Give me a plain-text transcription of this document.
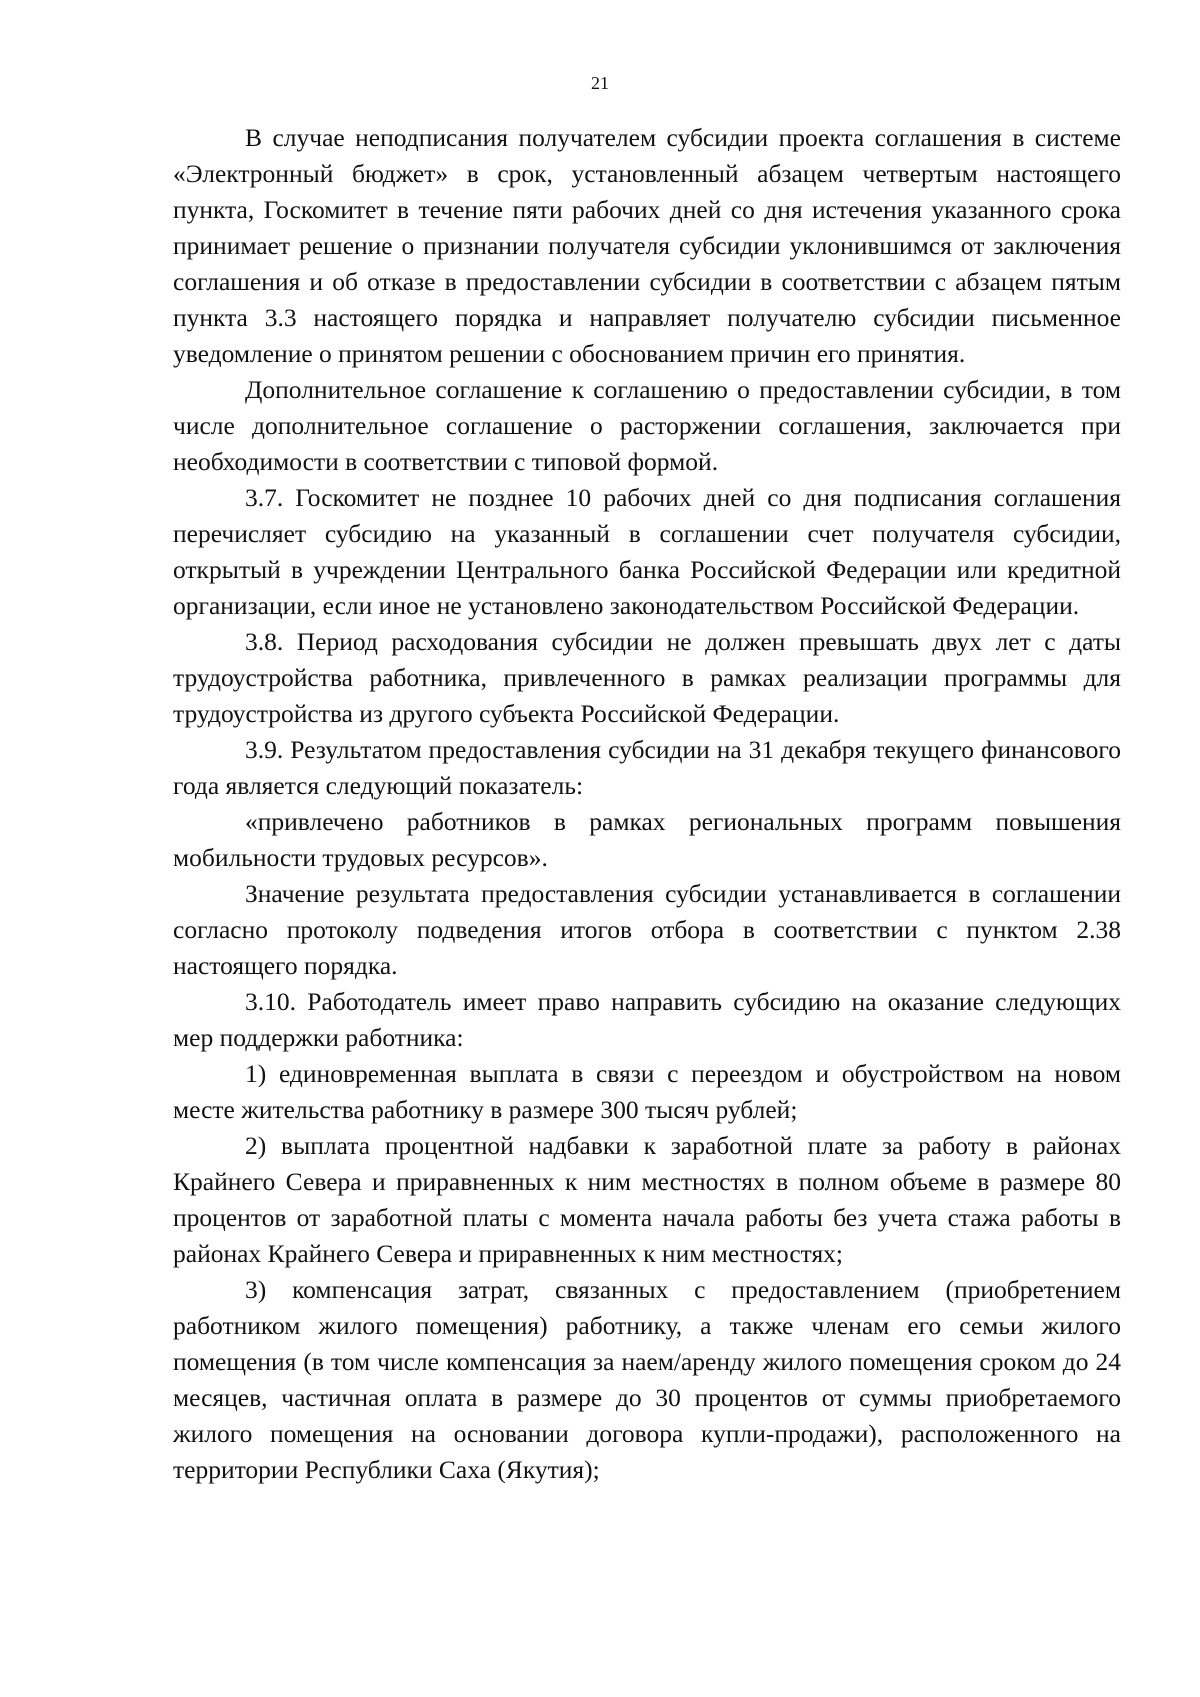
21

В случае неподписания получателем субсидии проекта соглашения в системе «Электронный бюджет» в срок, установленный абзацем четвертым настоящего пункта, Госкомитет в течение пяти рабочих дней со дня истечения указанного срока принимает решение о признании получателя субсидии уклонившимся от заключения соглашения и об отказе в предоставлении субсидии в соответствии с абзацем пятым пункта 3.3 настоящего порядка и направляет получателю субсидии письменное уведомление о принятом решении с обоснованием причин его принятия.

Дополнительное соглашение к соглашению о предоставлении субсидии, в том числе дополнительное соглашение о расторжении соглашения, заключается при необходимости в соответствии с типовой формой.

3.7. Госкомитет не позднее 10 рабочих дней со дня подписания соглашения перечисляет субсидию на указанный в соглашении счет получателя субсидии, открытый в учреждении Центрального банка Российской Федерации или кредитной организации, если иное не установлено законодательством Российской Федерации.

3.8. Период расходования субсидии не должен превышать двух лет с даты трудоустройства работника, привлеченного в рамках реализации программы для трудоустройства из другого субъекта Российской Федерации.

3.9. Результатом предоставления субсидии на 31 декабря текущего финансового года является следующий показатель:

«привлечено работников в рамках региональных программ повышения мобильности трудовых ресурсов».

Значение результата предоставления субсидии устанавливается в соглашении согласно протоколу подведения итогов отбора в соответствии с пунктом 2.38 настоящего порядка.

3.10. Работодатель имеет право направить субсидию на оказание следующих мер поддержки работника:

1) единовременная выплата в связи с переездом и обустройством на новом месте жительства работнику в размере 300 тысяч рублей;

2) выплата процентной надбавки к заработной плате за работу в районах Крайнего Севера и приравненных к ним местностях в полном объеме в размере 80 процентов от заработной платы с момента начала работы без учета стажа работы в районах Крайнего Севера и приравненных к ним местностях;

3) компенсация затрат, связанных с предоставлением (приобретением работником жилого помещения) работнику, а также членам его семьи жилого помещения (в том числе компенсация за наем/аренду жилого помещения сроком до 24 месяцев, частичная оплата в размере до 30 процентов от суммы приобретаемого жилого помещения на основании договора купли-продажи), расположенного на территории Республики Саха (Якутия);
